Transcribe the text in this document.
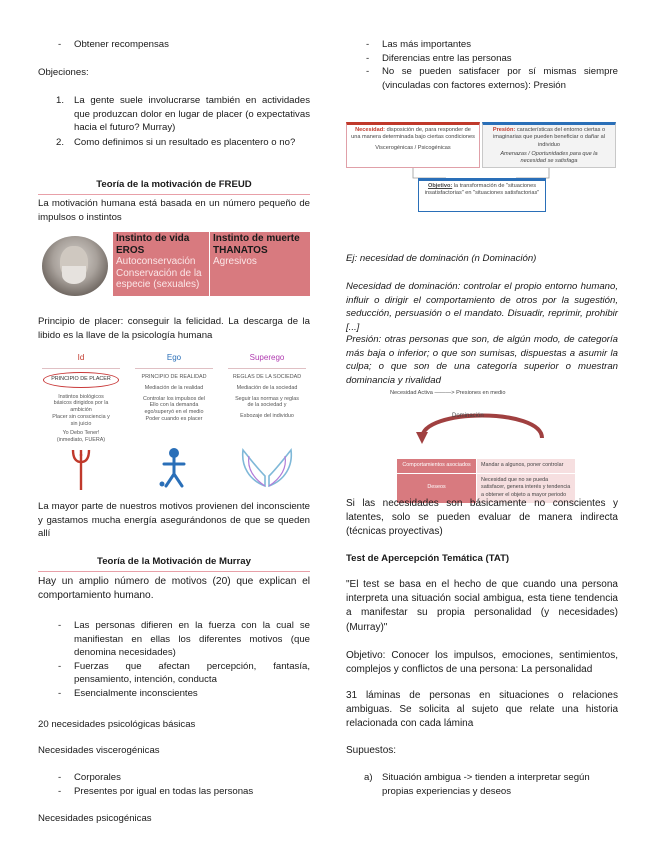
- Obtener recompensas

Objeciones:

1. La gente suele involucrarse también en actividades que produzcan dolor en lugar de placer (o expectativas hacia el futuro? Murray)
2. Como definimos si un resultado es placentero o no?
Teoría de la motivación de FREUD

La motivación humana está basada en un número pequeño de impulsos o instintos

Instinto de vida
EROS
Autoconservación
Conservación de la
especie (sexuales)
Instinto de muerte
THANATOS
Agresivos

Principio de placer: conseguir la felicidad. La descarga de la libido es la llave de la psicología humana

Id
PRINCIPIO DE PLACER
Instintos biológicos
básicos dirigidos por la
ambición
Placer sin consciencia y
sin juicio
Yo Debo Tener!
(inmediato, FUERA)
Ego
PRINCIPIO DE REALIDAD
Mediación de la realidad
Controlar los impulsos del
Ello con la demanda
ego/superyó en el medio
Poder cuando es placer
Superego
REGLAS DE LA SOCIEDAD
Mediación de la sociedad
Seguir las normas y reglas
de la sociedad y
Esbozaje del individuo

La mayor parte de nuestros motivos provienen del inconsciente y gastamos mucha energía asegurándonos de que se queden allí

Teoría de la Motivación de Murray

Hay un amplio número de motivos (20) que explican el comportamiento humano.

- Las personas difieren en la fuerza con la cual se manifiestan en ellas los diferentes motivos (que denomina necesidades)
- Fuerzas que afectan percepción, fantasía, pensamiento, intención, conducta
- Esencialmente inconscientes

20 necesidades psicológicas básicas

Necesidades viscerogénicas

- Corporales
- Presentes por igual en todas las personas

Necesidades psicogénicas

- Las más importantes
- Diferencias entre las personas
- No se pueden satisfacer por sí mismas siempre (vinculadas con factores externos): Presión
Necesidad: disposición de, para responder de una manera determinada bajo ciertas condiciones
Viscerogénicas / Psicogénicas
Presión: características del entorno ciertas o imaginarias que pueden beneficiar o dañar al individuo
Amenazas / Oportunidades para que la necesidad se satisfaga
Objetivo: la transformación de "situaciones insatisfactorias" en "situaciones satisfactorias"

Ej: necesidad de dominación (n Dominación)

Necesidad de dominación: controlar el propio entorno humano, influir o dirigir el comportamiento de otros por la sugestión, seducción, persuasión o el mandato. Disuadir, reprimir, prohibir [...]

Presión: otras personas que son, de algún modo, de categoría más baja o inferior; o que son sumisas, dispuestas a asumir la culpa; o que son de una categoría superior o muestran dominancia y rivalidad

Necesidad Activa ———> Presiones en medio
Dominación
Comportamientos asociados	Mandar a algunos, poner controlar
Deseos	Necesidad que no se pueda satisfacer, genera interés y tendencia a obtener el objeto a mayor periodo

Si las necesidades son básicamente no conscientes y latentes, solo se pueden evaluar de manera indirecta (técnicas proyectivas)

Test de Apercepción Temática (TAT)

"El test se basa en el hecho de que cuando una persona interpreta una situación social ambigua, esta tiene tendencia a manifestar su propia personalidad (y necesidades) (Murray)"

Objetivo: Conocer los impulsos, emociones, sentimientos, complejos y conflictos de una persona: La personalidad

31 láminas de personas en situaciones o relaciones ambiguas. Se solicita al sujeto que relate una historia relacionada con cada lámina

Supuestos:

a) Situación ambigua -> tienden a interpretar según propias experiencias y deseos
